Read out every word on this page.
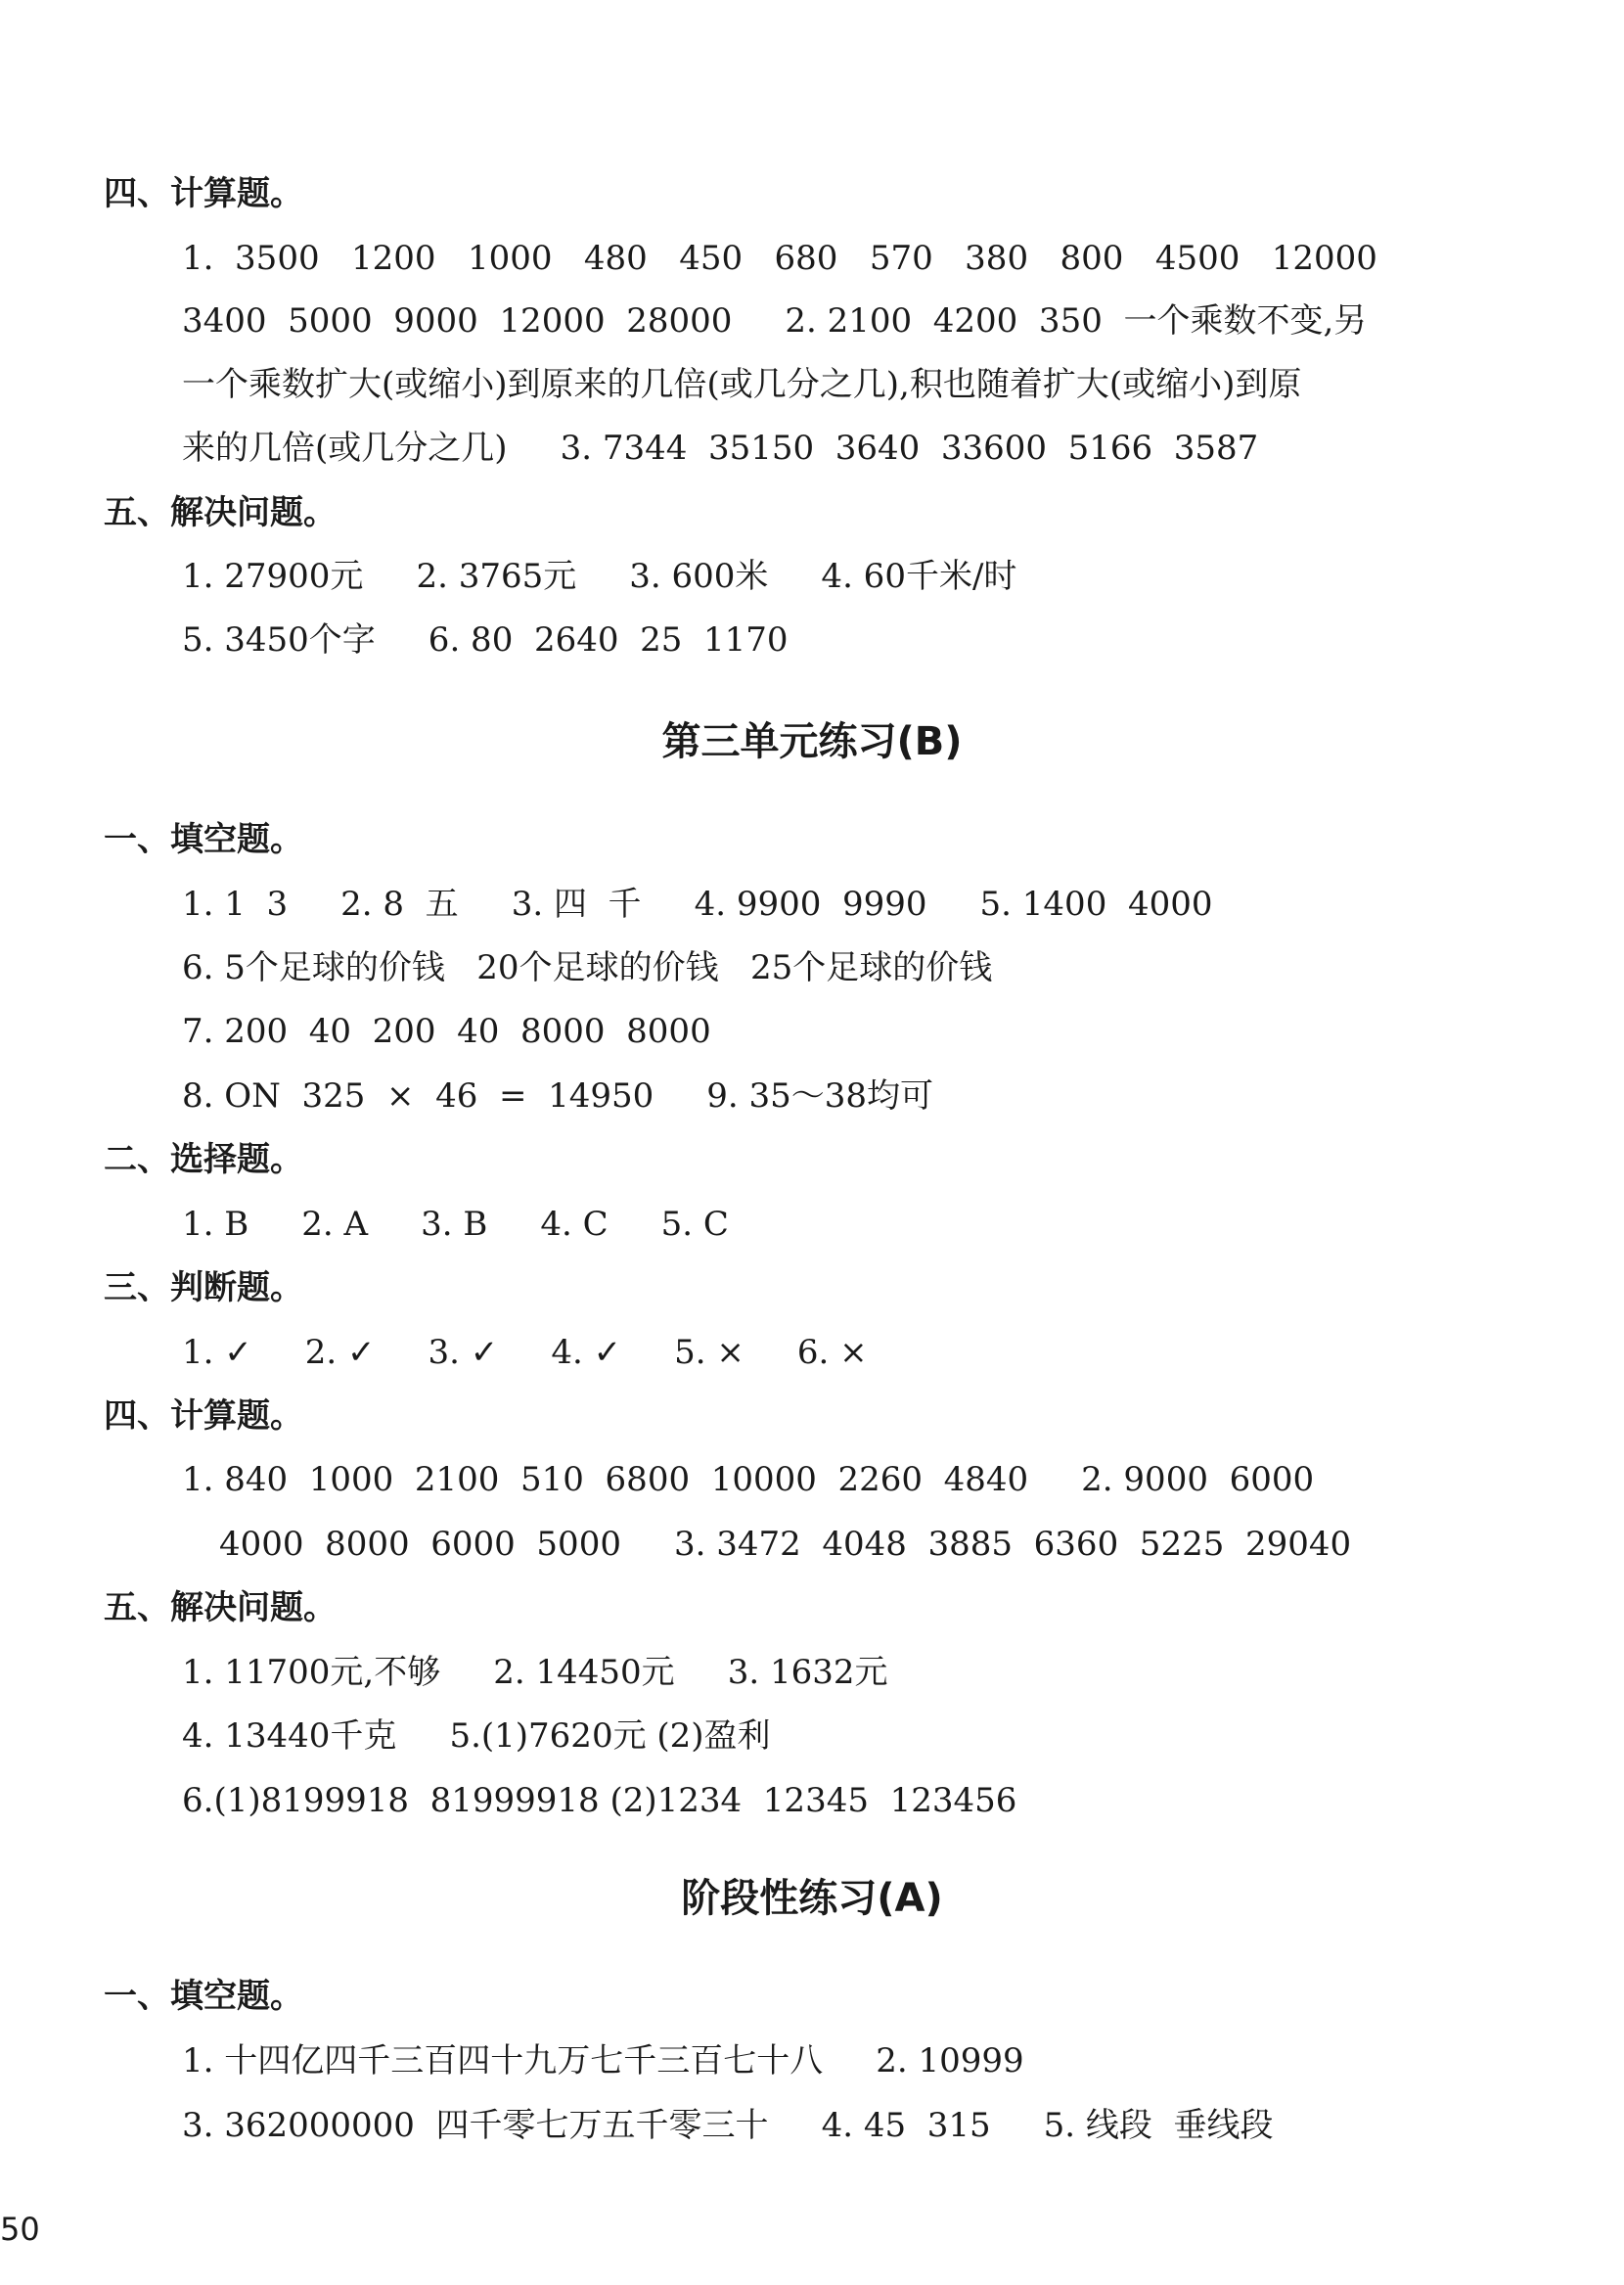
四、计算题。
1.  3500   1200   1000   480   450   680   570   380   800   4500   12000
3400  5000  9000  12000  28000     2. 2100  4200  350  一个乘数不变,另
一个乘数扩大(或缩小)到原来的几倍(或几分之几),积也随着扩大(或缩小)到原
来的几倍(或几分之几)     3. 7344  35150  3640  33600  5166  3587
五、解决问题。
1. 27900元     2. 3765元     3. 600米     4. 60千米/时
5. 3450个字     6. 80  2640  25  1170
第三单元练习(B)
一、填空题。
1. 1  3     2. 8  五     3. 四  千     4. 9900  9990     5. 1400  4000
6. 5个足球的价钱   20个足球的价钱   25个足球的价钱
7. 200  40  200  40  8000  8000
8. ON  325  ×  46  =  14950     9. 35～38均可
二、选择题。
1. B     2. A     3. B     4. C     5. C
三、判断题。
1. ✓     2. ✓     3. ✓     4. ✓     5. ×     6. ×
四、计算题。
1. 840  1000  2100  510  6800  10000  2260  4840     2. 9000  6000
4000  8000  6000  5000     3. 3472  4048  3885  6360  5225  29040
五、解决问题。
1. 11700元,不够     2. 14450元     3. 1632元
4. 13440千克     5.(1)7620元 (2)盈利
6.(1)8199918  81999918 (2)1234  12345  123456
阶段性练习(A)
一、填空题。
1. 十四亿四千三百四十九万七千三百七十八     2. 10999
3. 362000000  四千零七万五千零三十     4. 45  315     5. 线段  垂线段
50
